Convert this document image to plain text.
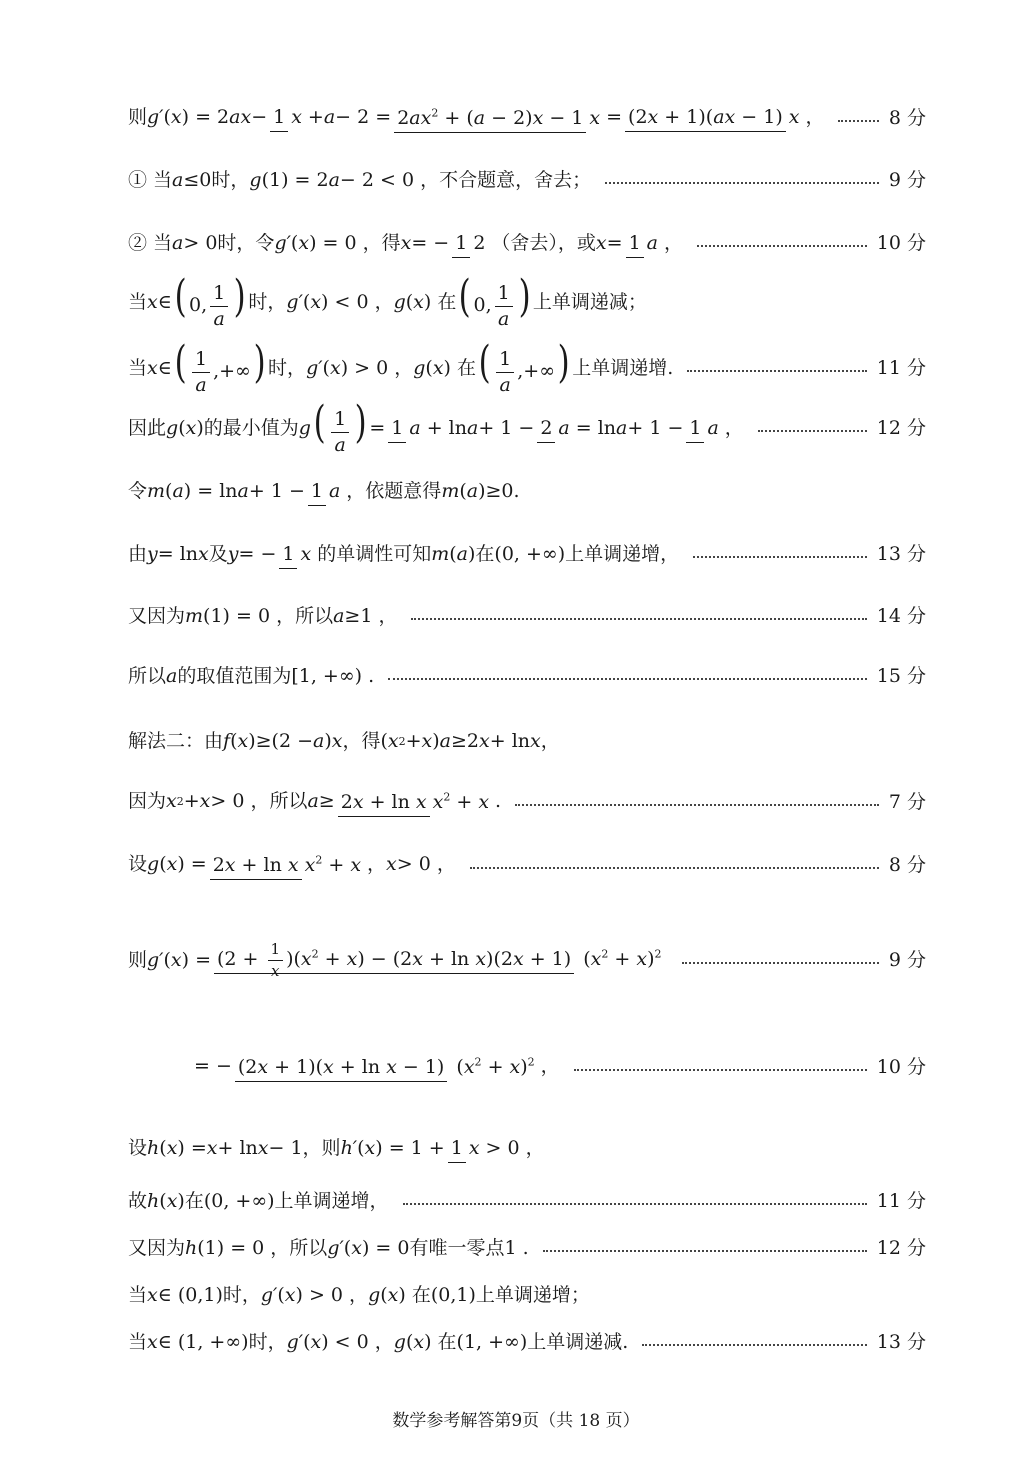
则 g′ ( x ) = 2 ax − 1 $x + a - 2 = 2ax^2 + (a - 2)x - 1$ x = (2x + 1)(ax − 1) x ，	8 分
① 当 a ≤0时， g (1) = 2 a − 2 < 0 ，不合题意，舍去；	9 分
② 当 a > 0时，令 g′ ( x ) = 0 ，得 x = − 1 2 （舍去），或 x = 1 a ，	10 分
当 x ∈ ( 0, $\frac{1}{a}$ ) 时， g′ ( x ) < 0 ， g ( x ) 在 ( 0, $\frac{1}{a}$ ) 上单调递减；
当 x ∈ ( $\frac{1}{a}$ ,+∞) 时， g′ ( x ) > 0 ， g ( x ) 在 ( $\frac{1}{a}$ ,+∞) 上单调递增.	11 分
因此 g ( x )的最小值为 g ( $\frac{1}{a}$ ) = 1 a + ln a + 1 − 2 a = ln a + 1 − 1 a ，	12 分
令 m ( a ) = ln a + 1 − 1 a ，依题意得 m ( a )≥0.
由 y = ln x 及 y = − 1 x 的单调性可知 m ( a )在(0, +∞)上单调递增，	13 分
又因为 m (1) = 0 ，所以 a ≥1 ，	14 分
所以 a 的取值范围为[1, +∞) .	15 分
解法二：由 f ( x )≥(2 − a ) x ，得( x 2 + x ) a ≥2 x + ln x ，
因为 x 2 + x > 0 ，所以 a ≥ 2x + ln x $x^2 + x$ .	7 分
设 g ( x ) = 2x + ln x $x^2 + x$ ， x > 0 ，	8 分
则 g′ ( x ) = $(2 + \frac{1}{x} )(x^2 + x) - (2x + \ln x)(2x + 1)$ $(x^2 + x)^2$	9 分
= − (2x + 1)(x + ln x − 1) $(x^2 + x)^2$ ，	10 分
设 h ( x ) = x + ln x − 1，则 h′ ( x ) = 1 + 1 x > 0 ，
故 h ( x )在(0, +∞)上单调递增，	11 分
又因为 h (1) = 0 ，所以 g′ ( x ) = 0有唯一零点1 .	12 分
当 x ∈ (0,1)时， g′ ( x ) > 0 ， g ( x ) 在(0,1)上单调递增；
当 x ∈ (1, +∞)时， g′ ( x ) < 0 ， g ( x ) 在(1, +∞)上单调递减.	13 分
数学参考解答第9页（共 18 页）
